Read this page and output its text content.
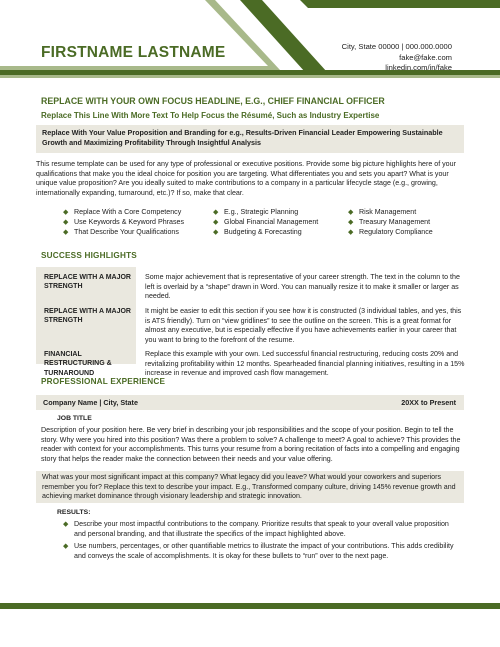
FIRSTNAME LASTNAME	City, State 00000 | 000.000.0000
fake@fake.com
linkedin.com/in/fake
REPLACE WITH YOUR OWN FOCUS HEADLINE, E.G., CHIEF FINANCIAL OFFICER
Replace This Line With More Text To Help Focus the Résumé, Such as Industry Expertise
Replace With Your Value Proposition and Branding for e.g., Results-Driven Financial Leader Empowering Sustainable Growth and Maximizing Profitability Through Insightful Analysis
This resume template can be used for any type of professional or executive positions. Provide some big picture highlights here of your qualifications that make you the ideal choice for position you are targeting. What differentiates you and sets you apart? What is your unique value proposition? Are you ideally suited to make contributions to a company in a particular lifecycle stage (e.g., growing, internationally expanding, turnaround, etc.)? If so, make that clear.
◆ Replace With a Core Competency
◆ Use Keywords & Keyword Phrases
◆ That Describe Your Qualifications
◆ E.g., Strategic Planning
◆ Global Financial Management
◆ Budgeting & Forecasting
◆ Risk Management
◆ Treasury Management
◆ Regulatory Compliance
SUCCESS HIGHLIGHTS
REPLACE WITH A MAJOR STRENGTH
Some major achievement that is representative of your career strength. The text in the column to the left is overlaid by a “shape” drawn in Word. You can manually resize it to make it smaller or larger as needed.
REPLACE WITH A MAJOR STRENGTH
It might be easier to edit this section if you see how it is constructed (3 individual tables, and yes, this is ATS friendly). Turn on “view gridlines” to see the outline on the screen. This is a great format for almost any executive, but is especially effective if you have achievements earlier in your career that you want to bring to the forefront of the resume.
FINANCIAL RESTRUCTURING & TURNAROUND
Replace this example with your own. Led successful financial restructuring, reducing costs 20% and revitalizing profitability within 12 months. Spearheaded financial planning initiatives, resulting in a 15% increase in revenue and improved cash flow management.
PROFESSIONAL EXPERIENCE
Company Name | City, State	20XX to Present
JOB TITLE
Description of your position here. Be very brief in describing your job responsibilities and the scope of your position. Begin to tell the story. Why were you hired into this position? Was there a problem to solve? A challenge to meet? A goal to achieve? This provides the reader with context for your accomplishments. This turns your resume from a boring recitation of facts into a compelling and engaging story that helps the reader make the connection between their needs and your value offering.
What was your most significant impact at this company? What legacy did you leave? What would your coworkers and superiors remember you for? Replace this text to describe your impact. E.g., Transformed company culture, driving 145% revenue growth and achieving market dominance through visionary leadership and strategic innovation.
RESULTS:
◆ Describe your most impactful contributions to the company. Prioritize results that speak to your overall value proposition and personal branding, and that illustrate the specifics of the impact highlighted above.
◆ Use numbers, percentages, or other quantifiable metrics to illustrate the impact of your contributions. This adds credibility and conveys the scale of accomplishments. It is okay for these bullets to “run” over to the next page.
